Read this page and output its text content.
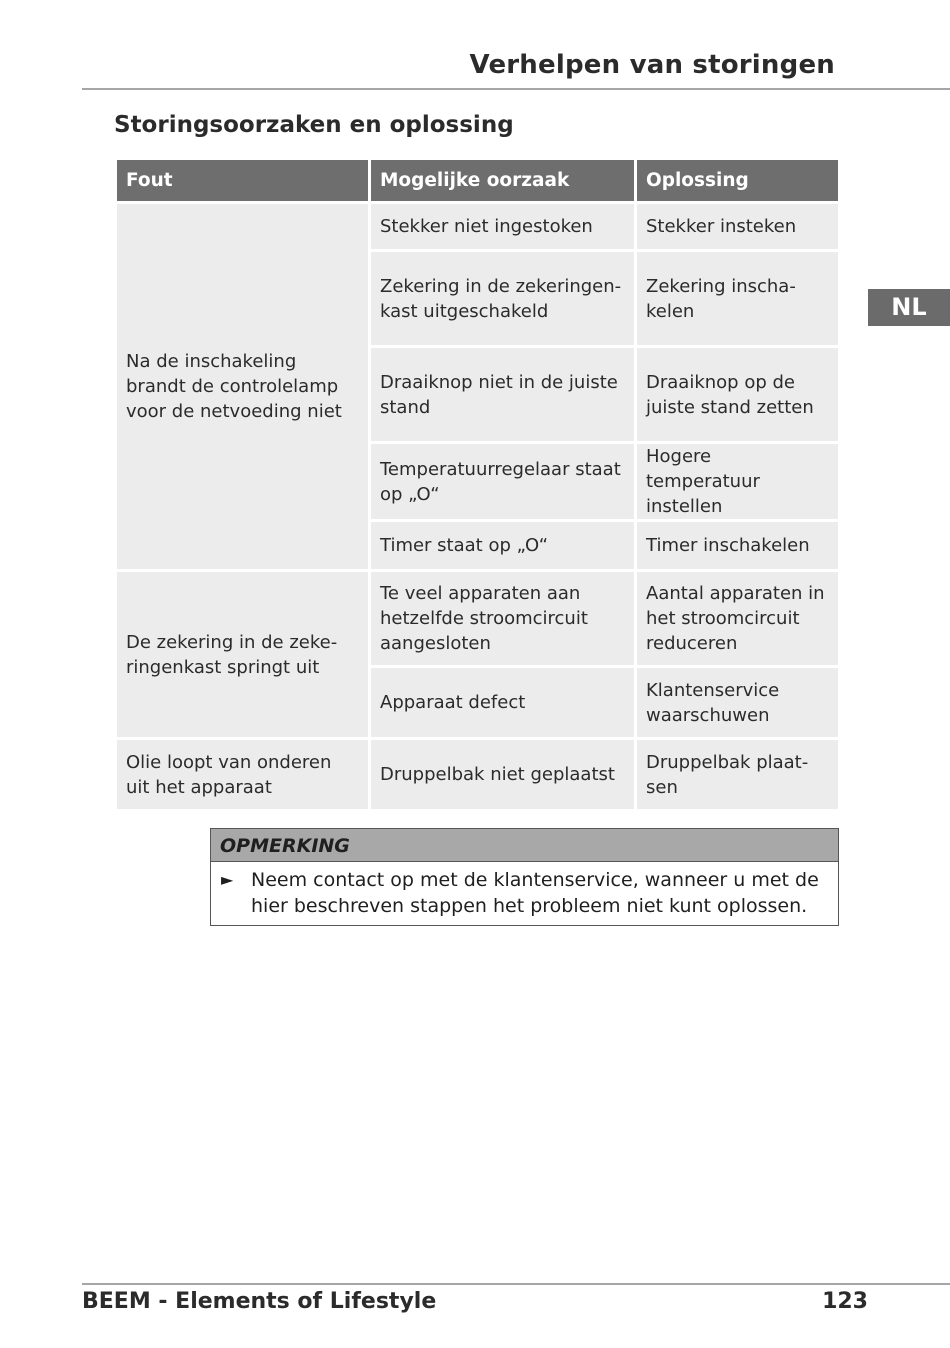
Verhelpen van storingen
Storingsoorzaken en oplossing
NL
Fout	Mogelijke oorzaak	Oplossing
Na de inschakeling brandt de controlelamp voor de netvoeding niet	Stekker niet ingestoken	Stekker insteken
	Zekering in de zekeringen-kast uitgeschakeld	Zekering inscha-kelen
	Draaiknop niet in de juiste stand	Draaiknop op de juiste stand zetten
	Temperatuurregelaar staat op „O“	Hogere temperatuur instellen
	Timer staat op „O“	Timer inschakelen
De zekering in de zeke-ringenkast springt uit	Te veel apparaten aan hetzelfde stroomcircuit aangesloten	Aantal apparaten in het stroomcircuit reduceren
	Apparaat defect	Klantenservice waarschuwen
Olie loopt van onderen uit het apparaat	Druppelbak niet geplaatst	Druppelbak plaat-sen
OPMERKING
► Neem contact op met de klantenservice, wanneer u met de hier beschreven stappen het probleem niet kunt oplossen.
BEEM - Elements of Lifestyle	123
